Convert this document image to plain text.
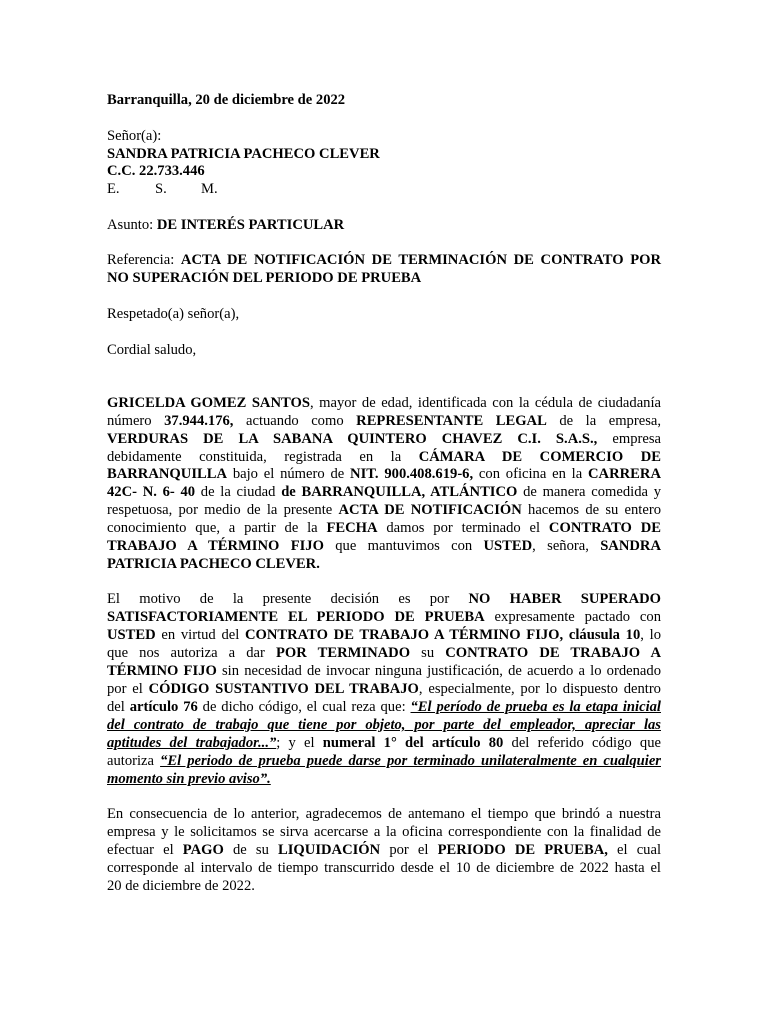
Barranquilla, 20 de diciembre de 2022
Señor(a):
SANDRA PATRICIA PACHECO CLEVER
C.C. 22.733.446
E. S. M.
Asunto: DE INTERÉS PARTICULAR
Referencia: ACTA DE NOTIFICACIÓN DE TERMINACIÓN DE CONTRATO POR
NO SUPERACIÓN DEL PERIODO DE PRUEBA
Respetado(a) señor(a),
Cordial saludo,
GRICELDA GOMEZ SANTOS, mayor de edad, identificada con la cédula de ciudadanía
número 37.944.176, actuando como REPRESENTANTE LEGAL de la empresa,
VERDURAS DE LA SABANA QUINTERO CHAVEZ C.I. S.A.S., empresa
debidamente constituida, registrada en la CÁMARA DE COMERCIO DE
BARRANQUILLA bajo el número de NIT. 900.408.619-6, con oficina en la CARRERA
42C- N. 6- 40 de la ciudad de BARRANQUILLA, ATLÁNTICO de manera comedida y
respetuosa, por medio de la presente ACTA DE NOTIFICACIÓN hacemos de su entero
conocimiento que, a partir de la FECHA damos por terminado el CONTRATO DE
TRABAJO A TÉRMINO FIJO que mantuvimos con USTED, señora, SANDRA
PATRICIA PACHECO CLEVER.
El motivo de la presente decisión es por NO HABER SUPERADO
SATISFACTORIAMENTE EL PERIODO DE PRUEBA expresamente pactado con
USTED en virtud del CONTRATO DE TRABAJO A TÉRMINO FIJO, cláusula 10, lo
que nos autoriza a dar POR TERMINADO su CONTRATO DE TRABAJO A
TÉRMINO FIJO sin necesidad de invocar ninguna justificación, de acuerdo a lo ordenado
por el CÓDIGO SUSTANTIVO DEL TRABAJO, especialmente, por lo dispuesto dentro
del artículo 76 de dicho código, el cual reza que: “El período de prueba es la etapa inicial
del contrato de trabajo que tiene por objeto, por parte del empleador, apreciar las
aptitudes del trabajador...”; y el numeral 1° del artículo 80 del referido código que
autoriza “El periodo de prueba puede darse por terminado unilateralmente en cualquier
momento sin previo aviso”.
En consecuencia de lo anterior, agradecemos de antemano el tiempo que brindó a nuestra
empresa y le solicitamos se sirva acercarse a la oficina correspondiente con la finalidad de
efectuar el PAGO de su LIQUIDACIÓN por el PERIODO DE PRUEBA, el cual
corresponde al intervalo de tiempo transcurrido desde el 10 de diciembre de 2022 hasta el
20 de diciembre de 2022.
